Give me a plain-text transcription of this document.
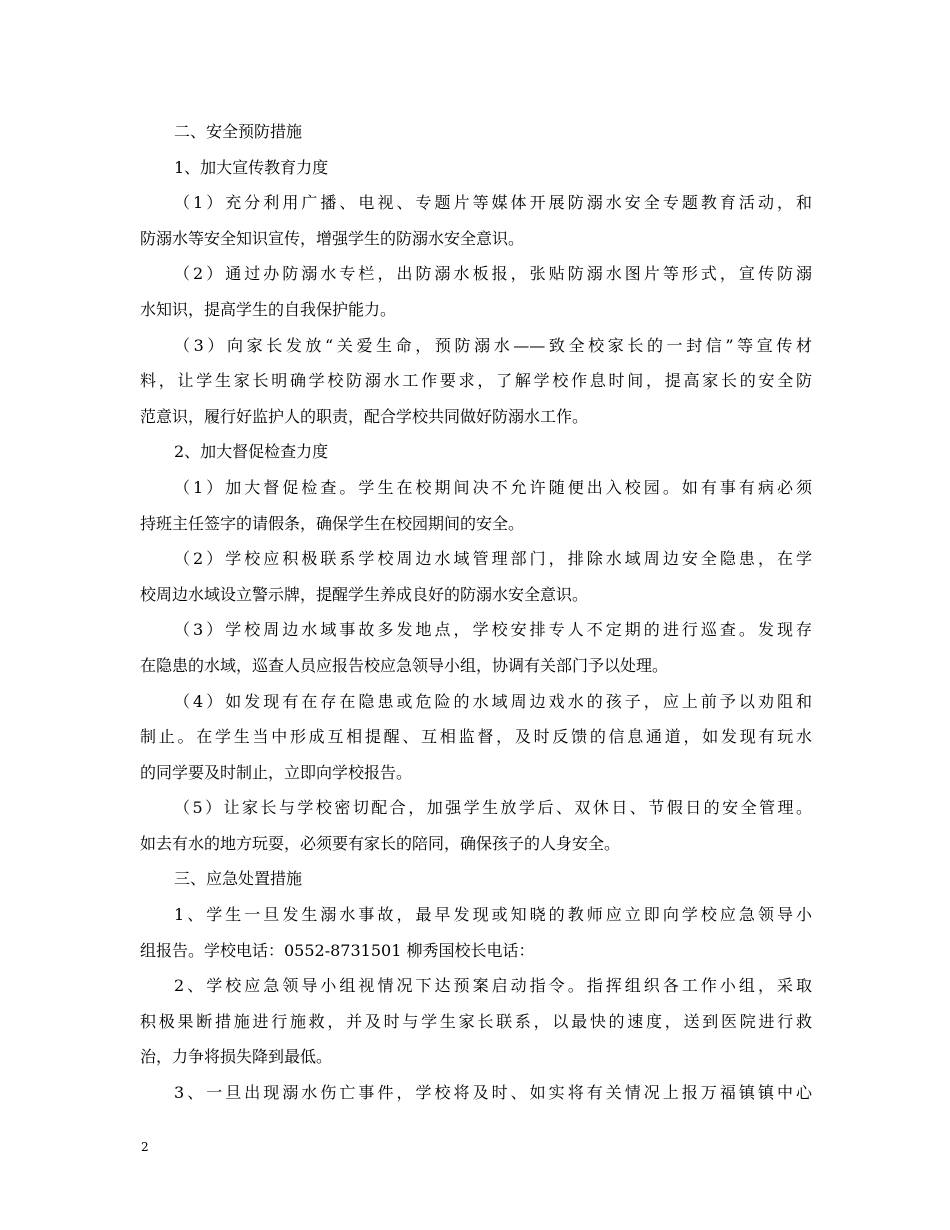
二、安全预防措施
1、加大宣传教育力度
（1）充分利用广播、电视、专题片等媒体开展防溺水安全专题教育活动，和
防溺水等安全知识宣传，增强学生的防溺水安全意识。
（2）通过办防溺水专栏，出防溺水板报，张贴防溺水图片等形式，宣传防溺
水知识，提高学生的自我保护能力。
（3）向家长发放“关爱生命，预防溺水——致全校家长的一封信”等宣传材
料，让学生家长明确学校防溺水工作要求，了解学校作息时间，提高家长的安全防
范意识，履行好监护人的职责，配合学校共同做好防溺水工作。
2、加大督促检查力度
（1）加大督促检查。学生在校期间决不允许随便出入校园。如有事有病必须
持班主任签字的请假条，确保学生在校园期间的安全。
（2）学校应积极联系学校周边水域管理部门，排除水域周边安全隐患，在学
校周边水域设立警示牌，提醒学生养成良好的防溺水安全意识。
（3）学校周边水域事故多发地点，学校安排专人不定期的进行巡查。发现存
在隐患的水域，巡查人员应报告校应急领导小组，协调有关部门予以处理。
（4）如发现有在存在隐患或危险的水域周边戏水的孩子，应上前予以劝阻和
制止。在学生当中形成互相提醒、互相监督，及时反馈的信息通道，如发现有玩水
的同学要及时制止，立即向学校报告。
（5）让家长与学校密切配合，加强学生放学后、双休日、节假日的安全管理。
如去有水的地方玩耍，必须要有家长的陪同，确保孩子的人身安全。
三、应急处置措施
1、学生一旦发生溺水事故，最早发现或知晓的教师应立即向学校应急领导小
组报告。学校电话：0552-8731501 柳秀国校长电话：
2、学校应急领导小组视情况下达预案启动指令。指挥组织各工作小组，采取
积极果断措施进行施救，并及时与学生家长联系，以最快的速度，送到医院进行救
治，力争将损失降到最低。
3、一旦出现溺水伤亡事件，学校将及时、如实将有关情况上报万福镇镇中心
2
